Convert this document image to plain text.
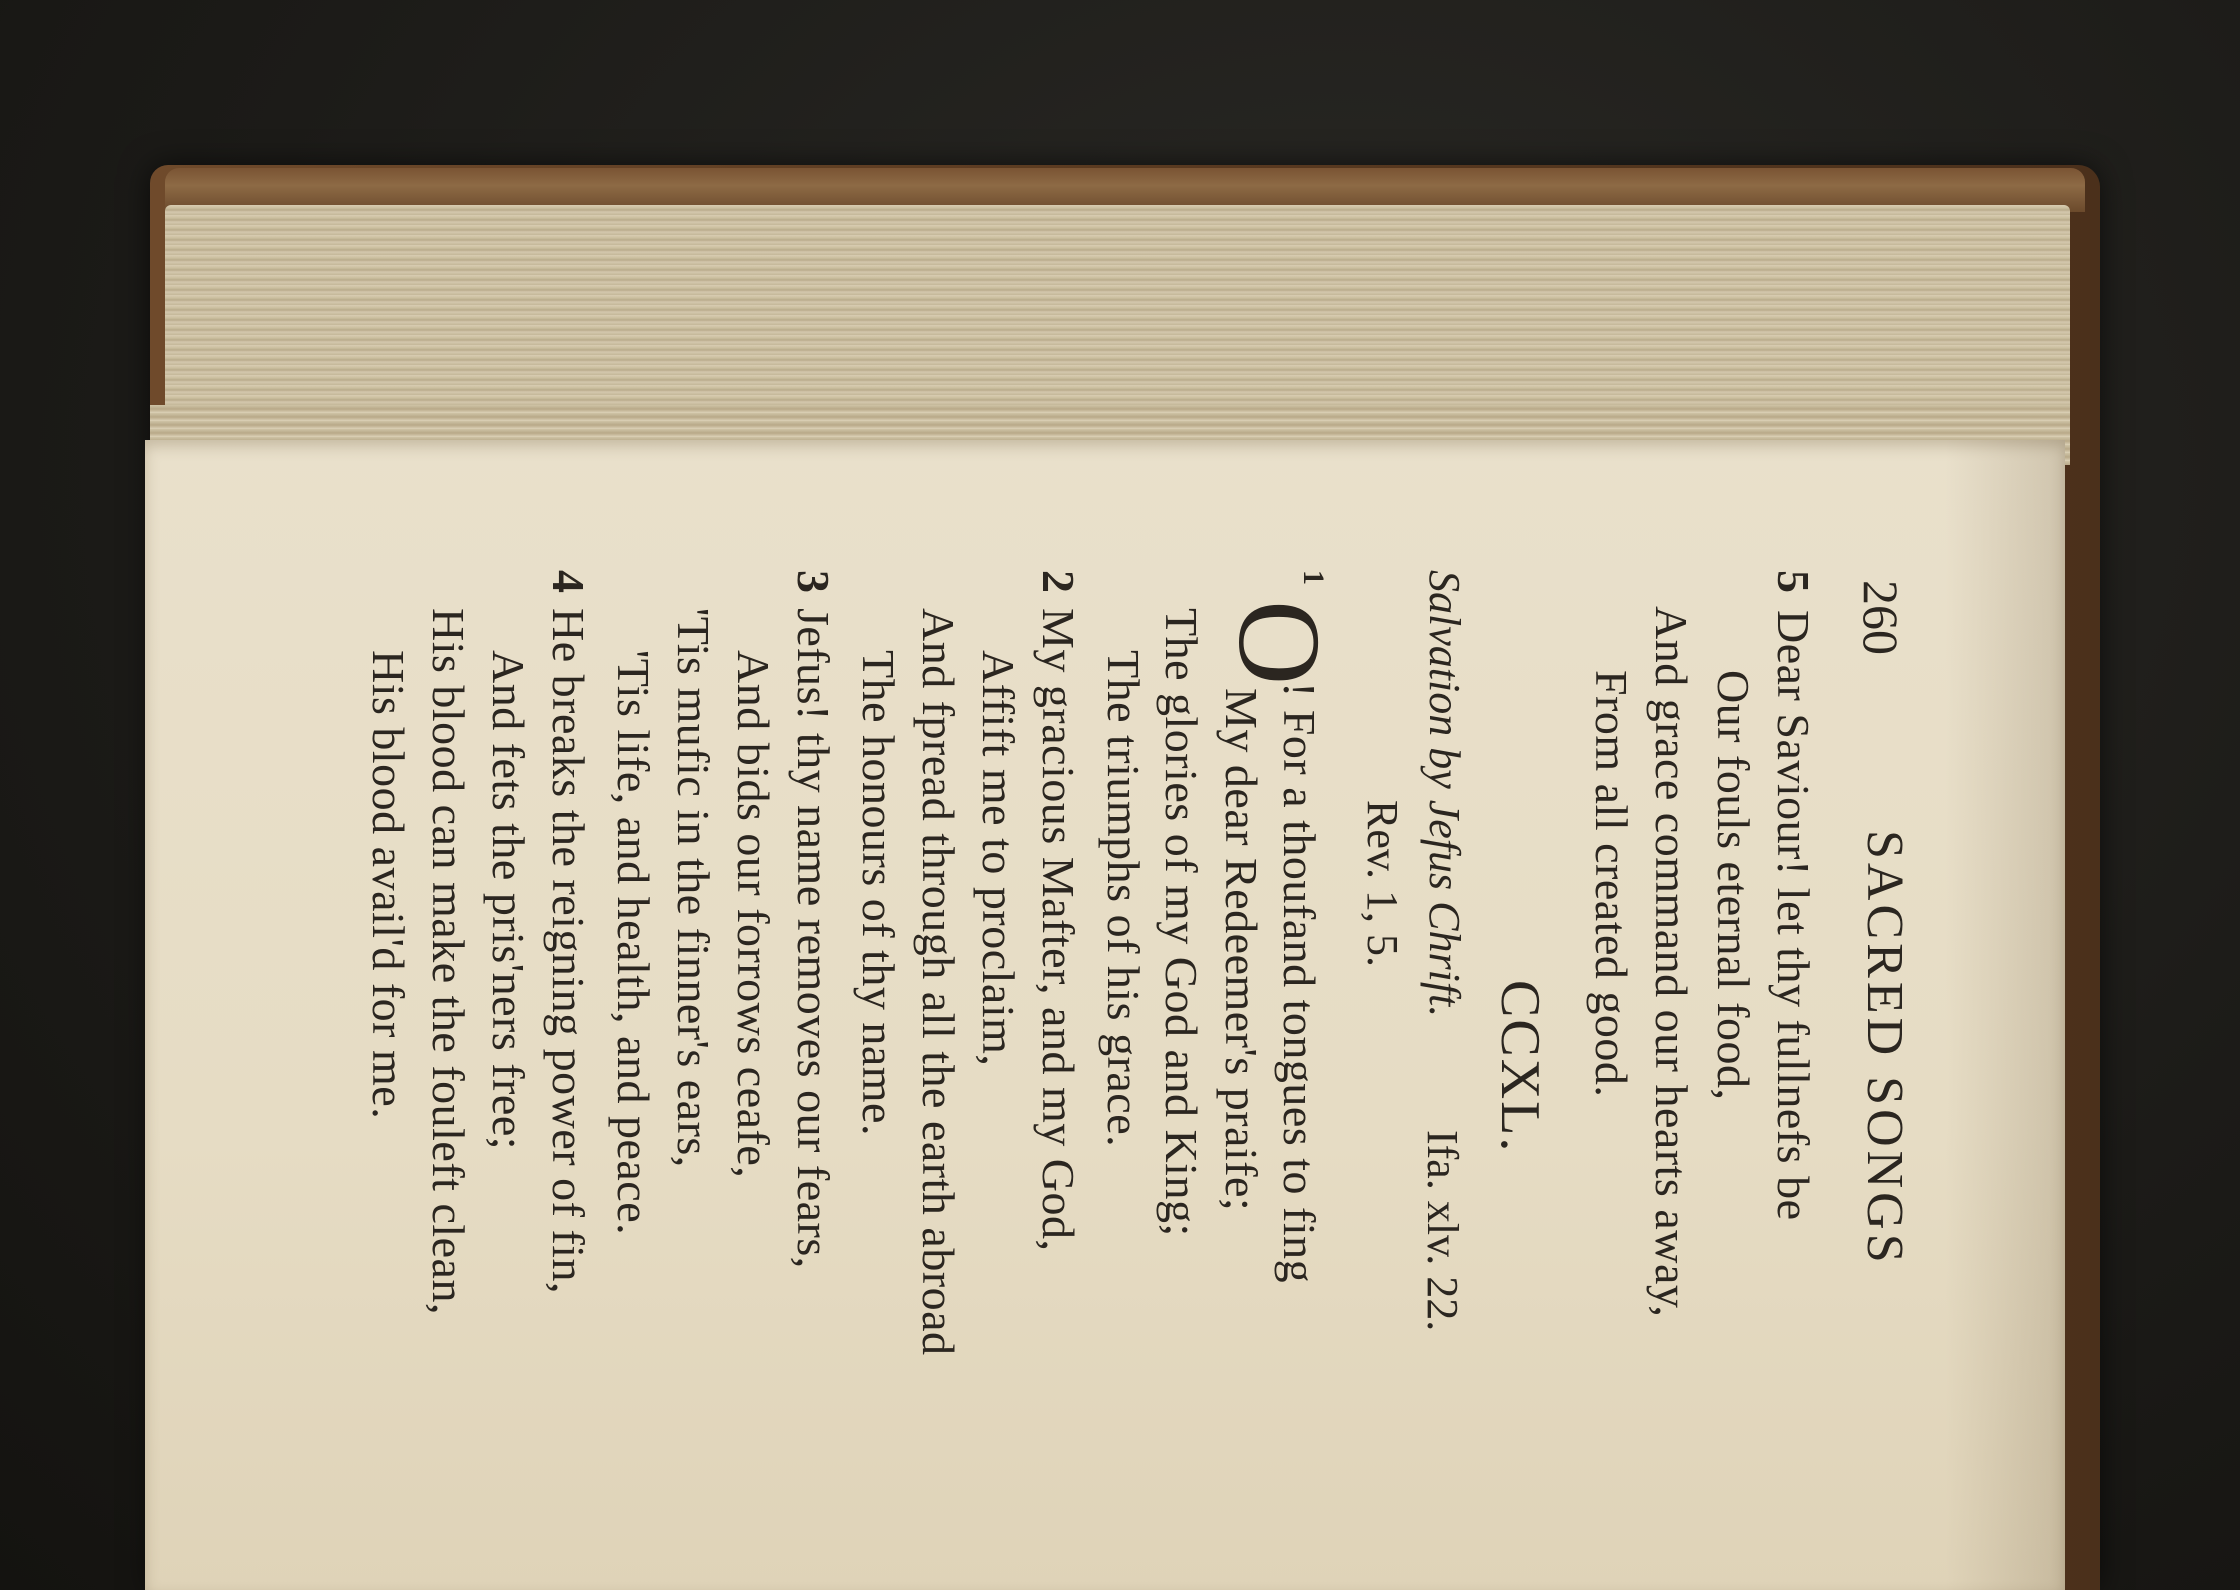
260
SACRED SONGS
5
Dear Saviour! let thy fullnefs be
Our fouls eternal food,
And grace command our hearts away,
From all created good.
CCXL.
Salvation by Jefus Chrift.
Ifa. xlv. 22.
Rev. 1, 5.
1
O
! For a thoufand tongues to fing
My dear Redeemer's praife;
The glories of my God and King;
The triumphs of his grace.
2
My gracious Mafter, and my God,
Affift me to proclaim,
And fpread through all the earth abroad
The honours of thy name.
3
Jefus! thy name removes our fears,
And bids our forrows ceafe,
'Tis mufic in the finner's ears,
'Tis life, and health, and peace.
4
He breaks the reigning power of fin,
And fets the pris'ners free;
His blood can make the fouleft clean,
His blood avail'd for me.
